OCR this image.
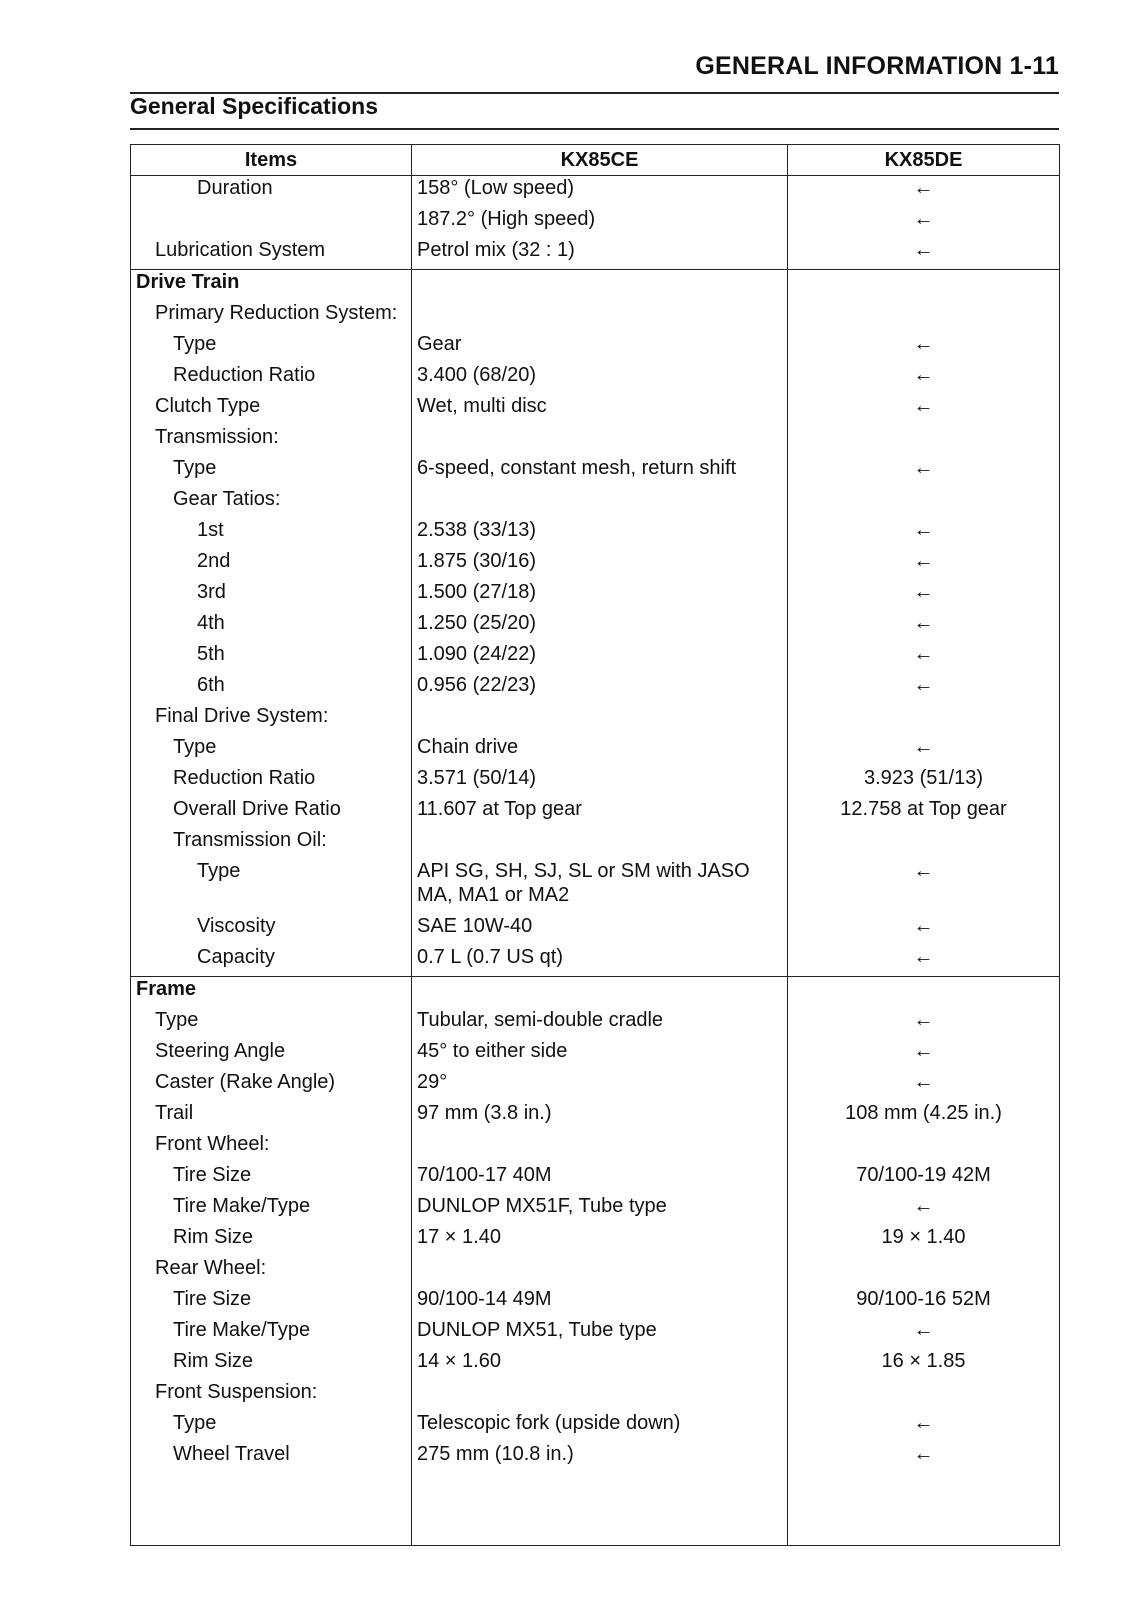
GENERAL INFORMATION 1-11
General Specifications
Items	KX85CE	KX85DE
Duration	158° (Low speed)	←
	187.2° (High speed)	←
Lubrication System	Petrol mix (32 : 1)	←
Drive Train		
Primary Reduction System:		
Type	Gear	←
Reduction Ratio	3.400 (68/20)	←
Clutch Type	Wet, multi disc	←
Transmission:		
Type	6-speed, constant mesh, return shift	←
Gear Tatios:		
1st	2.538 (33/13)	←
2nd	1.875 (30/16)	←
3rd	1.500 (27/18)	←
4th	1.250 (25/20)	←
5th	1.090 (24/22)	←
6th	0.956 (22/23)	←
Final Drive System:		
Type	Chain drive	←
Reduction Ratio	3.571 (50/14)	3.923 (51/13)
Overall Drive Ratio	11.607 at Top gear	12.758 at Top gear
Transmission Oil:		
Type	API SG, SH, SJ, SL or SM with JASO MA, MA1 or MA2	←
Viscosity	SAE 10W-40	←
Capacity	0.7 L (0.7 US qt)	←
Frame		
Type	Tubular, semi-double cradle	←
Steering Angle	45° to either side	←
Caster (Rake Angle)	29°	←
Trail	97 mm (3.8 in.)	108 mm (4.25 in.)
Front Wheel:		
Tire Size	70/100-17 40M	70/100-19 42M
Tire Make/Type	DUNLOP MX51F, Tube type	←
Rim Size	17 × 1.40	19 × 1.40
Rear Wheel:		
Tire Size	90/100-14 49M	90/100-16 52M
Tire Make/Type	DUNLOP MX51, Tube type	←
Rim Size	14 × 1.60	16 × 1.85
Front Suspension:		
Type	Telescopic fork (upside down)	←
Wheel Travel	275 mm (10.8 in.)	←
